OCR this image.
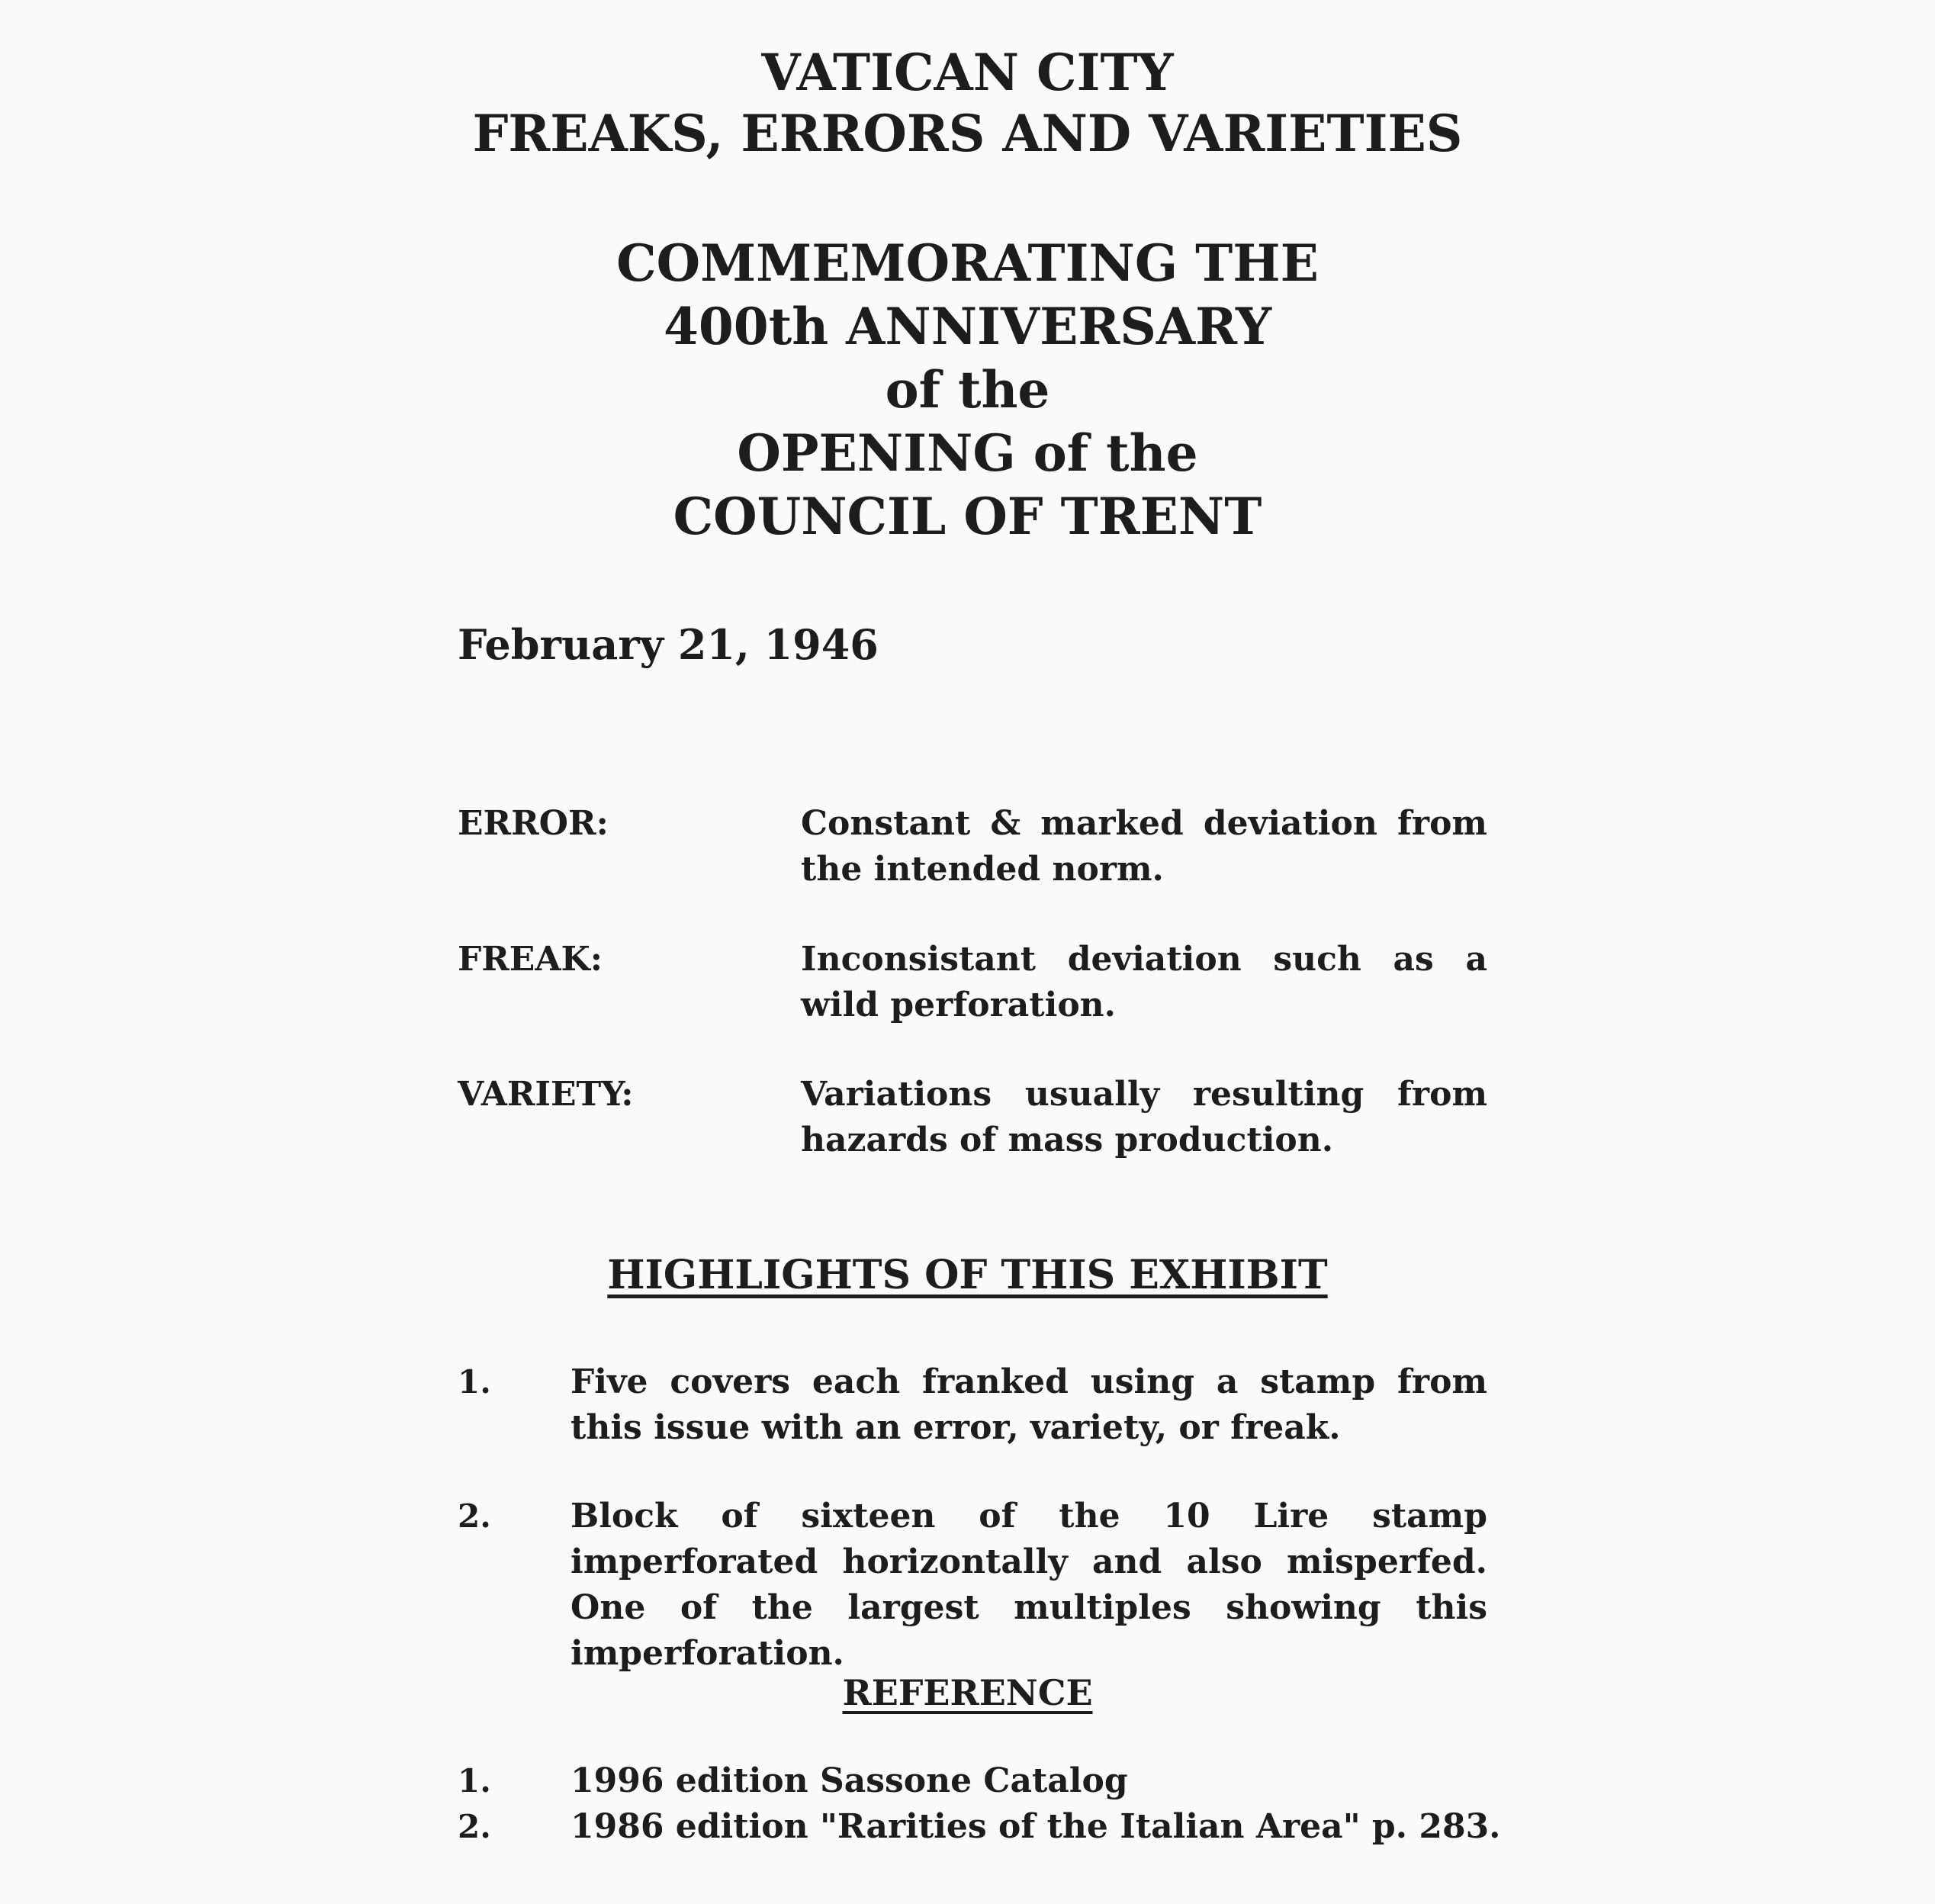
VATICAN CITY
FREAKS, ERRORS AND VARIETIES
COMMEMORATING THE
400th ANNIVERSARY
of the
OPENING of the
COUNCIL OF TRENT
February 21, 1946
ERROR:	Constant & marked deviation from the intended norm.
FREAK:	Inconsistant deviation such as a wild perforation.
VARIETY:	Variations usually resulting from hazards of mass production.
HIGHLIGHTS OF THIS EXHIBIT
1. Five covers each franked using a stamp from this issue with an error, variety, or freak.
2. Block of sixteen of the 10 Lire stamp imperforated horizontally and also misperfed. One of the largest multiples showing this imperforation.
REFERENCE
1. 1996 edition Sassone Catalog
2. 1986 edition "Rarities of the Italian Area" p. 283.
